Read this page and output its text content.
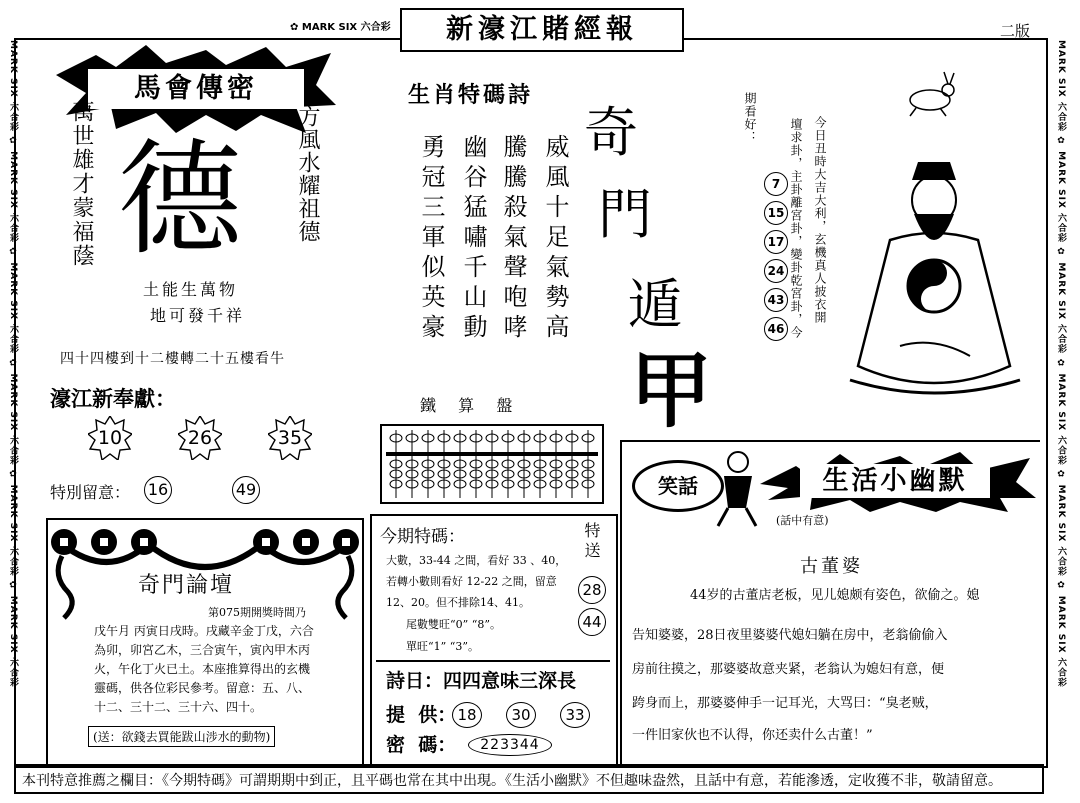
MARK SIX 六合彩 ✿ MARK SIX 六合彩 ✿ MARK SIX 六合彩 ✿ MARK SIX 六合彩 ✿ MARK SIX 六合彩 ✿ MARK SIX 六合彩
MARK SIX 六合彩 ✿ MARK SIX 六合彩 ✿ MARK SIX 六合彩 ✿ MARK SIX 六合彩 ✿ MARK SIX 六合彩 ✿ MARK SIX 六合彩
✿ MARK SIX 六合彩	新濠江賭經報	二版
馬會傳密
萬世雄才蒙福蔭	方風水耀祖德
德
土能生萬物
地可發千祥
四十四樓到十二樓轉二十五樓看牛
濠江新奉獻：
10	26	35
特別留意： 16	49
奇門論壇
第075期開獎時間乃
戊午月 丙寅日戌時。戌藏辛金丁戊，六合為卯，卯宮乙木，三合寅午，寅內甲木丙火，午化丁火已土。本座推算得出的玄機靈碼，供各位彩民參考。留意：五、八、十二、三十二、三十六、四十。
(送：欲錢去買能跋山涉水的動物)
生肖特碼詩
威風十足氣勢高
騰騰殺氣聲咆哮
幽谷猛嘯千山動
勇冠三軍似英豪
奇
門
遁
甲
鐵  算  盤
今期特碼：
大數，33-44 之間，看好 33 、40，若轉小數則看好 12-22 之間，留意12、20。但不排除14、41。
尾數雙旺“0” “8”。
單旺“1” “3”。
特送
28
44
詩日：四四意味三深長
提  供： 18	30	33
密  碼：	223344
今日丑時大吉大利，玄機真人披衣開
壇求卦，主卦離宮卦，變卦乾宮卦，今
期看好：
7
15
17
24
43
46
笑話	生活小幽默
(話中有意)
古董婆
44岁的古董店老板，见儿媳颇有姿色，欲偷之。媳
告知婆婆，28日夜里婆婆代媳妇躺在房中，老翁偷偷入
房前往摸之，那婆婆故意夹紧，老翁认为媳妇有意，便
跨身而上，那婆婆伸手一记耳光，大骂曰：“臭老贼，
一件旧家伙也不认得，你还卖什么古董！”
本刊特意推薦之欄目：《今期特碼》可謂期期中到正，且平碼也常在其中出現。《生活小幽默》不但趣味盎然，且話中有意，若能滲透，定收獲不非，敬請留意。
